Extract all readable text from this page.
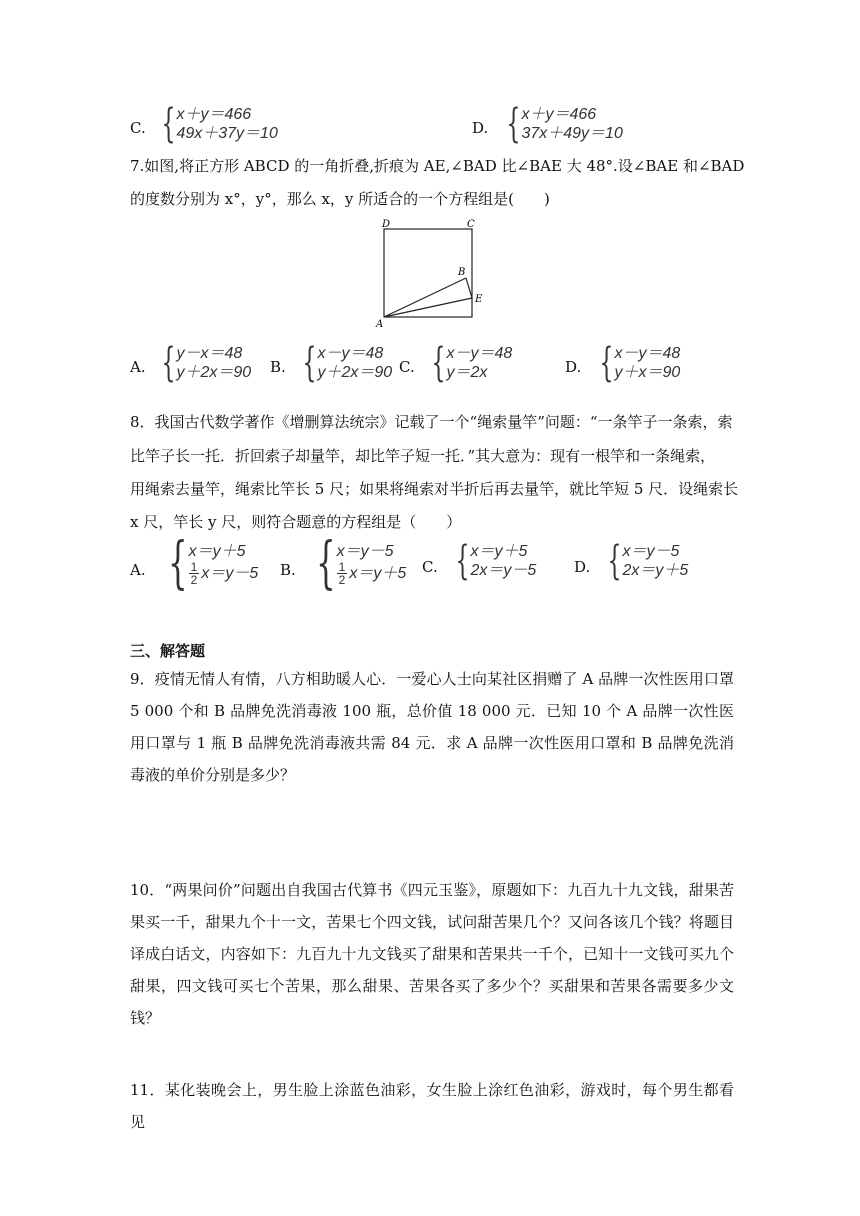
C. { x＋y＝466
49x＋37y＝10	D. { x＋y＝466
37x＋49y＝10
7.如图,将正方形 ABCD 的一角折叠,折痕为 AE,∠BAD 比∠BAE 大 48°.设∠BAE 和∠BAD
的度数分别为 x°，y°，那么 x，y 所适合的一个方程组是(　　)
D	C
B
E
A
A. { y－x＝48
y＋2x＝90 B. { x－y＝48
y＋2x＝90 C. { x－y＝48
y＝2x	D. { x－y＝48
y＋x＝90
8．我国古代数学著作《增删算法统宗》记载了一个“绳索量竿”问题：“一条竿子一条索，索
比竿子长一托．折回索子却量竿，却比竿子短一托．”其大意为：现有一根竿和一条绳索，
用绳索去量竿，绳索比竿长 5 尺；如果将绳索对半折后再去量竿，就比竿短 5 尺．设绳索长
x 尺，竿长 y 尺，则符合题意的方程组是（　　）
A. { x＝y＋5
$\frac{1}{2} x=y-5$ B. { x＝y－5
$\frac{1}{2} x=y+5$ C. { x＝y＋5
2x＝y－5	D. { x＝y－5
2x＝y＋5
三、解答题
9．疫情无情人有情，八方相助暖人心．一爱心人士向某社区捐赠了 A 品牌一次性医用口罩 5 000 个和 B 品牌免洗消毒液 100 瓶，总价值 18 000 元．已知 10 个 A 品牌一次性医用口罩与 1 瓶 B 品牌免洗消毒液共需 84 元．求 A 品牌一次性医用口罩和 B 品牌免洗消毒液的单价分别是多少？
10．“两果问价”问题出自我国古代算书《四元玉鉴》，原题如下：九百九十九文钱，甜果苦果买一千，甜果九个十一文，苦果七个四文钱，试问甜苦果几个？又问各该几个钱？将题目译成白话文，内容如下：九百九十九文钱买了甜果和苦果共一千个，已知十一文钱可买九个甜果，四文钱可买七个苦果，那么甜果、苦果各买了多少个？买甜果和苦果各需要多少文钱？
11．某化装晚会上，男生脸上涂蓝色油彩，女生脸上涂红色油彩，游戏时，每个男生都看见
